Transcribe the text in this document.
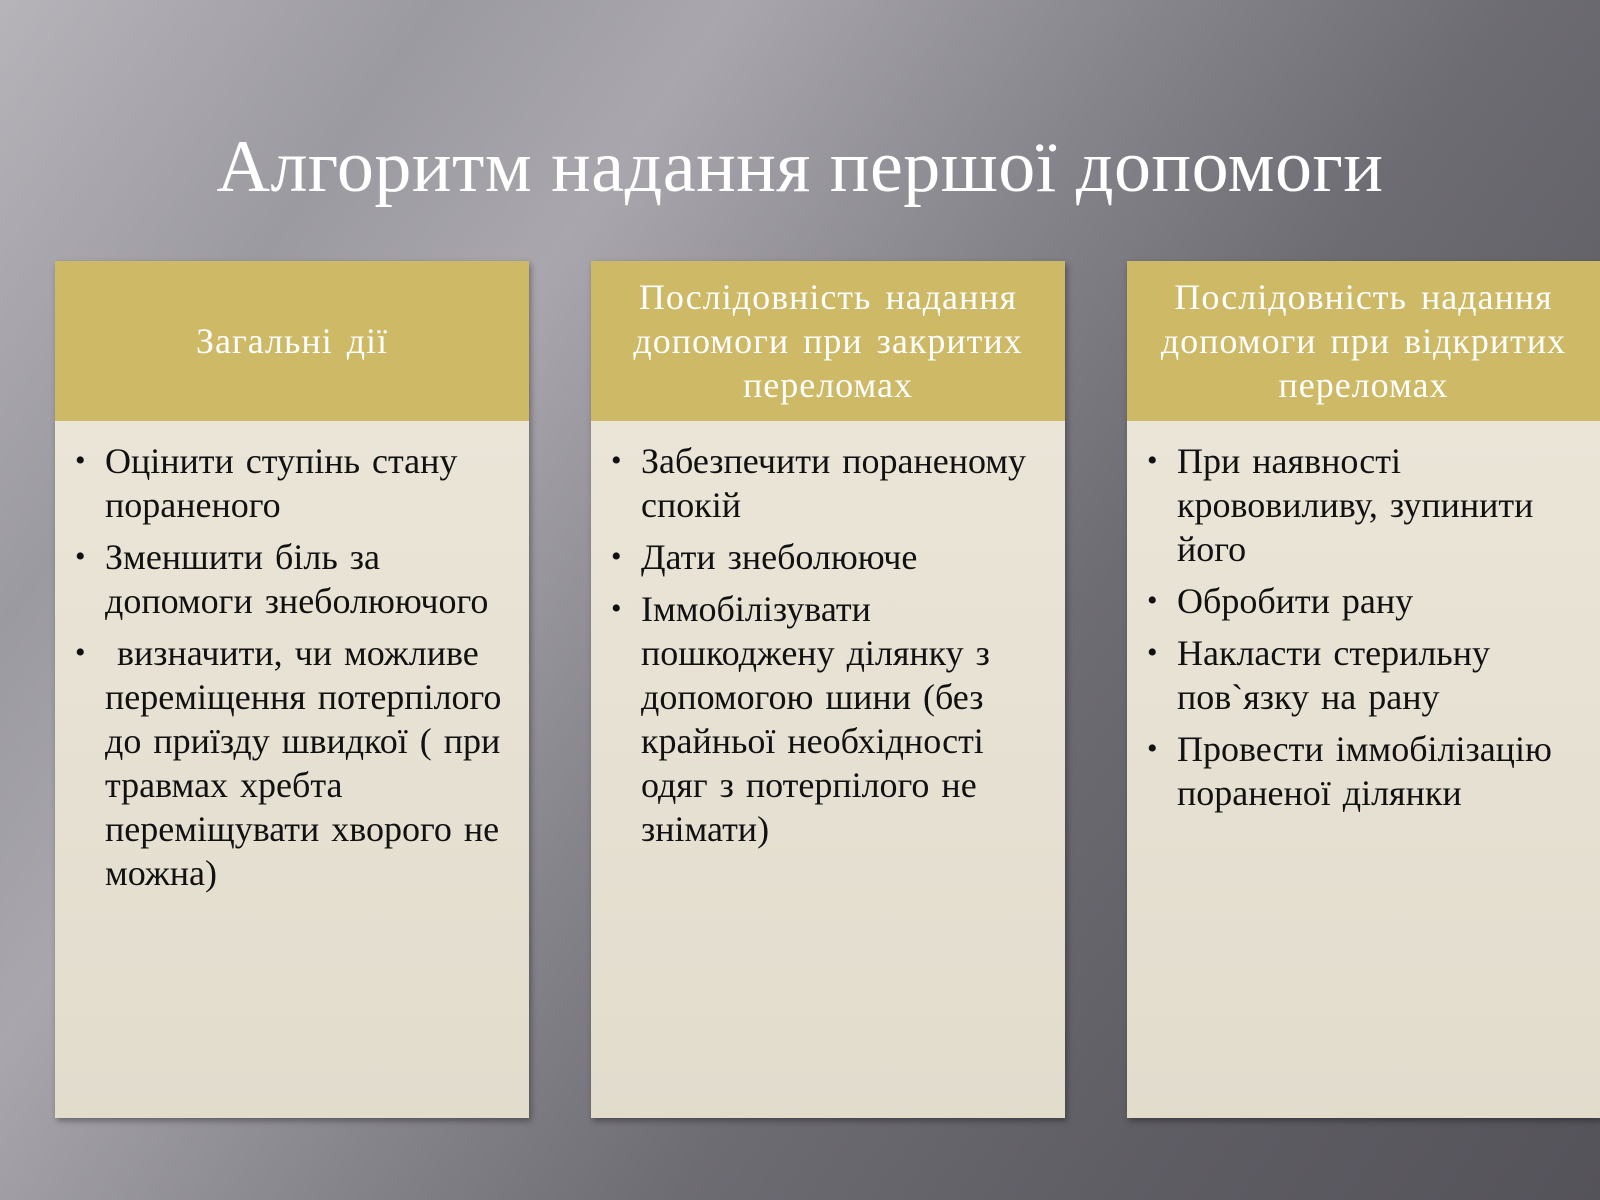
Алгоритм надання першої допомоги
Загальні дії
• Оцінити ступінь стану пораненого
• Зменшити біль за допомоги знеболюючого
•  визначити, чи можливе переміщення потерпілого до приїзду швидкої ( при травмах хребта переміщувати хворого не можна)
Послідовність надання допомоги при закритих переломах
• Забезпечити пораненому спокій
• Дати знеболююче
• Іммобілізувати пошкоджену ділянку з допомогою шини (без крайньої необхідності одяг з потерпілого не знімати)
Послідовність надання допомоги при відкритих переломах
• При наявності крововиливу, зупинити його
• Обробити рану
• Накласти стерильну пов`язку на рану
• Провести іммобілізацію пораненої ділянки
